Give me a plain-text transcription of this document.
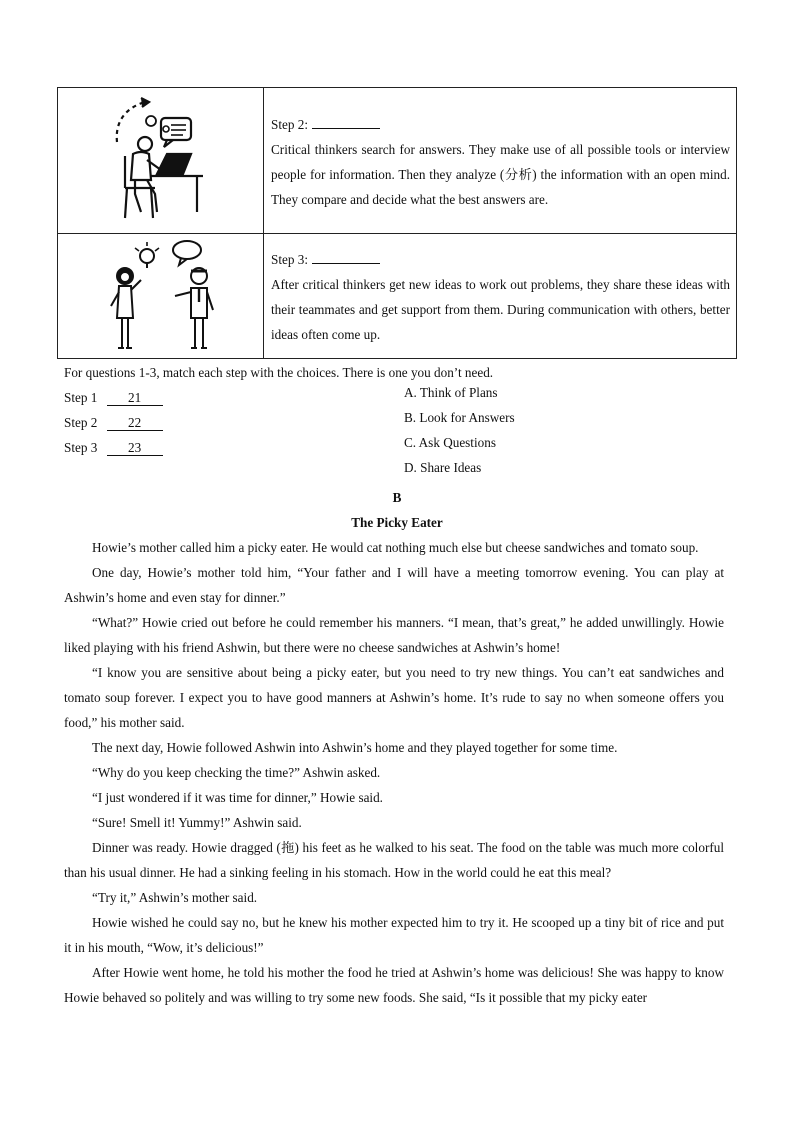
Step 2:
Critical thinkers search for answers. They make use of all possible tools or interview people for information. Then they analyze (分析) the information with an open mind. They compare and decide what the best answers are.

Step 3:
After critical thinkers get new ideas to work out problems, they share these ideas with their teammates and get support from them. During communication with others, better ideas often come up.
For questions 1-3, match each step with the choices. There is one you don’t need.
Step 1 21
Step 2 22
Step 3 23
A. Think of Plans
B. Look for Answers
C. Ask Questions
D. Share Ideas
B
The Picky Eater

Howie’s mother called him a picky eater. He would cat nothing much else but cheese sandwiches and tomato soup.

One day, Howie’s mother told him, “Your father and I will have a meeting tomorrow evening. You can play at Ashwin’s home and even stay for dinner.”

“What?” Howie cried out before he could remember his manners. “I mean, that’s great,” he added unwillingly. Howie liked playing with his friend Ashwin, but there were no cheese sandwiches at Ashwin’s home!

“I know you are sensitive about being a picky eater, but you need to try new things. You can’t eat sandwiches and tomato soup forever. I expect you to have good manners at Ashwin’s home. It’s rude to say no when someone offers you food,” his mother said.

The next day, Howie followed Ashwin into Ashwin’s home and they played together for some time.

“Why do you keep checking the time?” Ashwin asked.

“I just wondered if it was time for dinner,” Howie said.

“Sure! Smell it! Yummy!” Ashwin said.

Dinner was ready. Howie dragged (拖) his feet as he walked to his seat. The food on the table was much more colorful than his usual dinner. He had a sinking feeling in his stomach. How in the world could he eat this meal?

“Try it,” Ashwin’s mother said.

Howie wished he could say no, but he knew his mother expected him to try it. He scooped up a tiny bit of rice and put it in his mouth, “Wow, it’s delicious!”

After Howie went home, he told his mother the food he tried at Ashwin’s home was delicious! She was happy to know Howie behaved so politely and was willing to try some new foods. She said, “Is it possible that my picky eater
